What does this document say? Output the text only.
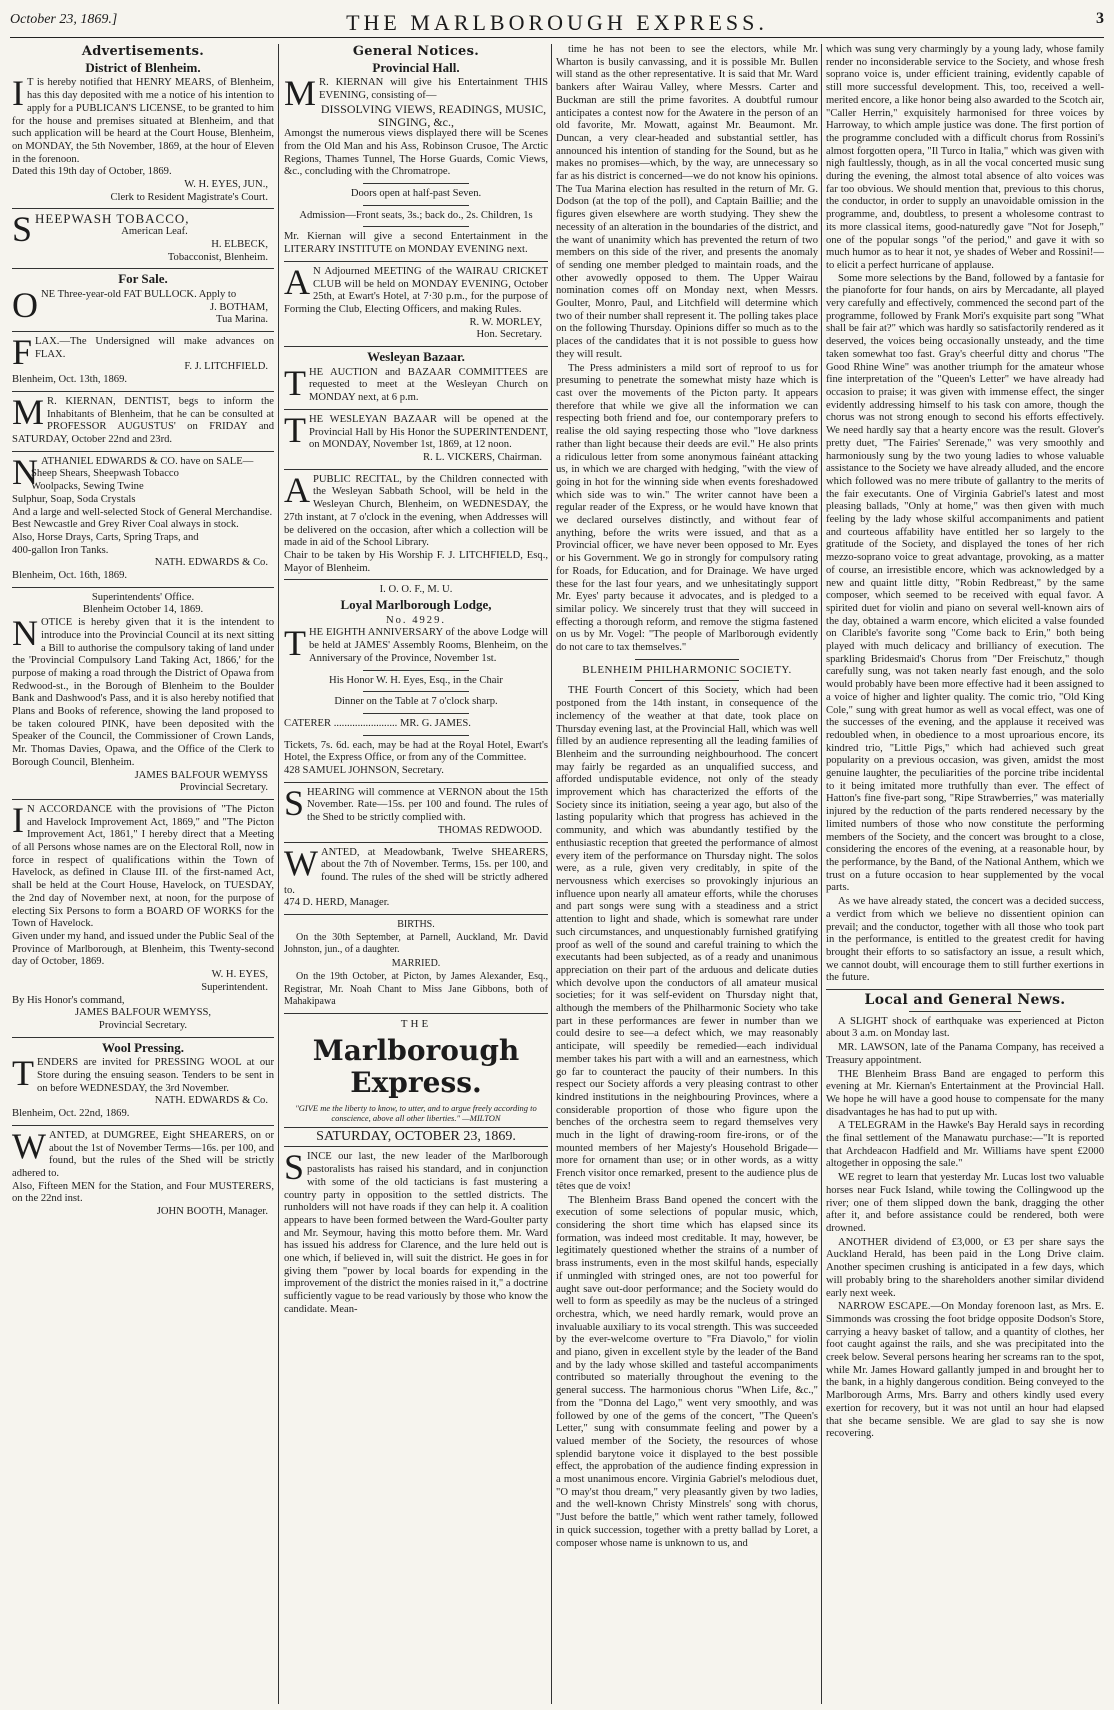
October 23, 1869.]	THE MARLBOROUGH EXPRESS.	3
Advertisements.
District of Blenheim.
I T is hereby notified that HENRY MEARS, of Blenheim, has this day deposited with me a notice of his intention to apply for a PUBLICAN'S LICENSE, to be granted to him for the house and premises situated at Blenheim, and that such application will be heard at the Court House, Blenheim, on MONDAY, the 5th November, 1869, at the hour of Eleven in the forenoon.

Dated this 19th day of October, 1869.

W. H. EYES, JUN.,

Clerk to Resident Magistrate's Court.

S HEEPWASH TOBACCO,

American Leaf.

H. ELBECK,

Tobacconist, Blenheim.

For Sale.
O NE Three-year-old FAT BULLOCK. Apply to

J. BOTHAM,

Tua Marina.

F LAX.—The Undersigned will make advances on FLAX.

F. J. LITCHFIELD.

Blenheim, Oct. 13th, 1869.

M R. KIERNAN, DENTIST, begs to inform the Inhabitants of Blenheim, that he can be consulted at PROFESSOR AUGUSTUS' on FRIDAY and SATURDAY, October 22nd and 23rd.

N ATHANIEL EDWARDS & CO. have on SALE—

Sheep Shears, Sheepwash Tobacco

Woolpacks, Sewing Twine

Sulphur, Soap, Soda Crystals

And a large and well-selected Stock of General Merchandise.

Best Newcastle and Grey River Coal always in stock.

Also, Horse Drays, Carts, Spring Traps, and

400-gallon Iron Tanks.

NATH. EDWARDS & Co.

Blenheim, Oct. 16th, 1869.

Superintendents' Office.

Blenheim October 14, 1869.

N OTICE is hereby given that it is the intendent to introduce into the Provincial Council at its next sitting a Bill to authorise the compulsory taking of land under the 'Provincial Compulsory Land Taking Act, 1866,' for the purpose of making a road through the District of Opawa from Redwood-st., in the Borough of Blenheim to the Boulder Bank and Dashwood's Pass, and it is also hereby notified that Plans and Books of reference, showing the land proposed to be taken coloured PINK, have been deposited with the Speaker of the Council, the Commissioner of Crown Lands, Mr. Thomas Davies, Opawa, and the Office of the Clerk to Borough Council, Blenheim.

JAMES BALFOUR WEMYSS

Provincial Secretary.

I N ACCORDANCE with the provisions of "The Picton and Havelock Improvement Act, 1869," and "The Picton Improvement Act, 1861," I hereby direct that a Meeting of all Persons whose names are on the Electoral Roll, now in force in respect of qualifications within the Town of Havelock, as defined in Clause III. of the first-named Act, shall be held at the Court House, Havelock, on TUESDAY, the 2nd day of November next, at noon, for the purpose of electing Six Persons to form a BOARD OF WORKS for the Town of Havelock.

Given under my hand, and issued under the Public Seal of the Province of Marlborough, at Blenheim, this Twenty-second day of October, 1869.

W. H. EYES,

Superintendent.

By His Honor's command,

JAMES BALFOUR WEMYSS,

Provincial Secretary.

Wool Pressing.
T ENDERS are invited for PRESSING WOOL at our Store during the ensuing season. Tenders to be sent in on before WEDNESDAY, the 3rd November.

NATH. EDWARDS & Co.

Blenheim, Oct. 22nd, 1869.

W ANTED, at DUMGREE, Eight SHEARERS, on or about the 1st of November Terms—16s. per 100, and found, but the rules of the Shed will be strictly adhered to.

Also, Fifteen MEN for the Station, and Four MUSTERERS, on the 22nd inst.

JOHN BOOTH, Manager.

General Notices.
Provincial Hall.
M R. KIERNAN will give his Entertainment THIS EVENING, consisting of—

DISSOLVING VIEWS, READINGS, MUSIC, SINGING, &c.,

Amongst the numerous views displayed there will be Scenes from the Old Man and his Ass, Robinson Crusoe, The Arctic Regions, Thames Tunnel, The Horse Guards, Comic Views, &c., concluding with the Chromatrope.

Doors open at half-past Seven.

Admission—Front seats, 3s.; back do., 2s. Children, 1s

Mr. Kiernan will give a second Entertainment in the LITERARY INSTITUTE on MONDAY EVENING next.

A N Adjourned MEETING of the WAIRAU CRICKET CLUB will be held on MONDAY EVENING, October 25th, at Ewart's Hotel, at 7·30 p.m., for the purpose of Forming the Club, Electing Officers, and making Rules.

R. W. MORLEY,

Hon. Secretary.

Wesleyan Bazaar.
T HE AUCTION and BAZAAR COMMITTEES are requested to meet at the Wesleyan Church on MONDAY next, at 6 p.m.

T HE WESLEYAN BAZAAR will be opened at the Provincial Hall by His Honor the SUPERINTENDENT, on MONDAY, November 1st, 1869, at 12 noon.

R. L. VICKERS, Chairman.

A PUBLIC RECITAL, by the Children connected with the Wesleyan Sabbath School, will be held in the Wesleyan Church, Blenheim, on WEDNESDAY, the 27th instant, at 7 o'clock in the evening, when Addresses will be delivered on the occasion, after which a collection will be made in aid of the School Library.

Chair to be taken by His Worship F. J. LITCHFIELD, Esq., Mayor of Blenheim.

I. O. O. F., M. U.

Loyal Marlborough Lodge,

No. 4929.

T HE EIGHTH ANNIVERSARY of the above Lodge will be held at JAMES' Assembly Rooms, Blenheim, on the Anniversary of the Province, November 1st.

His Honor W. H. Eyes, Esq., in the Chair

Dinner on the Table at 7 o'clock sharp.

CATERER ........................ MR. G. JAMES.

Tickets, 7s. 6d. each, may be had at the Royal Hotel, Ewart's Hotel, the Express Office, or from any of the Committee.

428 SAMUEL JOHNSON, Secretary.

S HEARING will commence at VERNON about the 15th November. Rate—15s. per 100 and found. The rules of the Shed to be strictly complied with.

THOMAS REDWOOD.

W ANTED, at Meadowbank, Twelve SHEARERS, about the 7th of November. Terms, 15s. per 100, and found. The rules of the shed will be strictly adhered to.

474 D. HERD, Manager.

BIRTHS.

On the 30th September, at Parnell, Auckland, Mr. David Johnston, jun., of a daughter.

MARRIED.

On the 19th October, at Picton, by James Alexander, Esq., Registrar, Mr. Noah Chant to Miss Jane Gibbons, both of Mahakipawa

THE

Marlborough Express.

"GIVE me the liberty to know, to utter, and to argue freely according to conscience, above all other liberties." —MILTON

SATURDAY, OCTOBER 23, 1869.
S INCE our last, the new leader of the Marlborough pastoralists has raised his standard, and in conjunction with some of the old tacticians is fast mustering a country party in opposition to the settled districts. The runholders will not have roads if they can help it. A coalition appears to have been formed between the Ward-Goulter party and Mr. Seymour, having this motto before them. Mr. Ward has issued his address for Clarence, and the lure held out is one which, if believed in, will suit the district. He goes in for giving them "power by local boards for expending in the improvement of the district the monies raised in it," a doctrine sufficiently vague to be read variously by those who know the candidate. Mean-

time he has not been to see the electors, while Mr. Wharton is busily canvassing, and it is possible Mr. Bullen will stand as the other representative. It is said that Mr. Ward bankers after Wairau Valley, where Messrs. Carter and Buckman are still the prime favorites. A doubtful rumour anticipates a contest now for the Awatere in the person of an old favorite, Mr. Mowatt, against Mr. Beaumont. Mr. Duncan, a very clear-headed and substantial settler, has announced his intention of standing for the Sound, but as he makes no promises—which, by the way, are unnecessary so far as his district is concerned—we do not know his opinions. The Tua Marina election has resulted in the return of Mr. G. Dodson (at the top of the poll), and Captain Baillie; and the figures given elsewhere are worth studying. They shew the necessity of an alteration in the boundaries of the district, and the want of unanimity which has prevented the return of two members on this side of the river, and presents the anomaly of sending one member pledged to maintain roads, and the other avowedly opposed to them. The Upper Wairau nomination comes off on Monday next, when Messrs. Goulter, Monro, Paul, and Litchfield will determine which two of their number shall represent it. The polling takes place on the following Thursday. Opinions differ so much as to the places of the candidates that it is not possible to guess how they will result.

The Press administers a mild sort of reproof to us for presuming to penetrate the somewhat misty haze which is cast over the movements of the Picton party. It appears therefore that while we give all the information we can respecting both friend and foe, our contemporary prefers to realise the old saying respecting those who "love darkness rather than light because their deeds are evil." He also prints a ridiculous letter from some anonymous fainéant attacking us, in which we are charged with hedging, "with the view of going in hot for the winning side when events foreshadowed which side was to win." The writer cannot have been a regular reader of the Express, or he would have known that we declared ourselves distinctly, and without fear of anything, before the writs were issued, and that as a Provincial officer, we have never been opposed to Mr. Eyes or his Government. We go in strongly for compulsory rating for Roads, for Education, and for Drainage. We have urged these for the last four years, and we unhesitatingly support Mr. Eyes' party because it advocates, and is pledged to a similar policy. We sincerely trust that they will succeed in effecting a thorough reform, and remove the stigma fastened on us by Mr. Vogel: "The people of Marlborough evidently do not care to tax themselves."

BLENHEIM PHILHARMONIC SOCIETY.

THE Fourth Concert of this Society, which had been postponed from the 14th instant, in consequence of the inclemency of the weather at that date, took place on Thursday evening last, at the Provincial Hall, which was well filled by an audience representing all the leading families of Blenheim and the surrounding neighbourhood. The concert may fairly be regarded as an unqualified success, and afforded undisputable evidence, not only of the steady improvement which has characterized the efforts of the Society since its initiation, seeing a year ago, but also of the lasting popularity which that progress has achieved in the community, and which was abundantly testified by the enthusiastic reception that greeted the performance of almost every item of the performance on Thursday night. The solos were, as a rule, given very creditably, in spite of the nervousness which exercises so provokingly injurious an influence upon nearly all amateur efforts, while the choruses and part songs were sung with a steadiness and a strict attention to light and shade, which is somewhat rare under such circumstances, and unquestionably furnished gratifying proof as well of the sound and careful training to which the executants had been subjected, as of a ready and unanimous appreciation on their part of the arduous and delicate duties which devolve upon the conductors of all amateur musical societies; for it was self-evident on Thursday night that, although the members of the Philharmonic Society who take part in these performances are fewer in number than we could desire to see—a defect which, we may reasonably anticipate, will speedily be remedied—each individual member takes his part with a will and an earnestness, which go far to counteract the paucity of their numbers. In this respect our Society affords a very pleasing contrast to other kindred institutions in the neighbouring Provinces, where a considerable proportion of those who figure upon the benches of the orchestra seem to regard themselves very much in the light of drawing-room fire-irons, or of the mounted members of her Majesty's Household Brigade—more for ornament than use; or in other words, as a witty French visitor once remarked, present to the audience plus de têtes que de voix!

The Blenheim Brass Band opened the concert with the execution of some selections of popular music, which, considering the short time which has elapsed since its formation, was indeed most creditable. It may, however, be legitimately questioned whether the strains of a number of brass instruments, even in the most skilful hands, especially if unmingled with stringed ones, are not too powerful for aught save out-door performance; and the Society would do well to form as speedily as may be the nucleus of a stringed orchestra, which, we need hardly remark, would prove an invaluable auxiliary to its vocal strength. This was succeeded by the ever-welcome overture to "Fra Diavolo," for violin and piano, given in excellent style by the leader of the Band and by the lady whose skilled and tasteful accompaniments contributed so materially throughout the evening to the general success. The harmonious chorus "When Life, &c.," from the "Donna del Lago," went very smoothly, and was followed by one of the gems of the concert, "The Queen's Letter," sung with consummate feeling and power by a valued member of the Society, the resources of whose splendid barytone voice it displayed to the best possible effect, the approbation of the audience finding expression in a most unanimous encore. Virginia Gabriel's melodious duet, "O may'st thou dream," very pleasantly given by two ladies, and the well-known Christy Minstrels' song with chorus, "Just before the battle," which went rather tamely, followed in quick succession, together with a pretty ballad by Loret, a composer whose name is unknown to us, and

which was sung very charmingly by a young lady, whose family render no inconsiderable service to the Society, and whose fresh soprano voice is, under efficient training, evidently capable of still more successful development. This, too, received a well-merited encore, a like honor being also awarded to the Scotch air, "Caller Herrin," exquisitely harmonised for three voices by Harroway, to which ample justice was done. The first portion of the programme concluded with a difficult chorus from Rossini's almost forgotten opera, "Il Turco in Italia," which was given with nigh faultlessly, though, as in all the vocal concerted music sung during the evening, the almost total absence of alto voices was far too obvious. We should mention that, previous to this chorus, the conductor, in order to supply an unavoidable omission in the programme, and, doubtless, to present a wholesome contrast to its more classical items, good-naturedly gave "Not for Joseph," one of the popular songs "of the period," and gave it with so much humor as to hear it not, ye shades of Weber and Rossini!—to elicit a perfect hurricane of applause.

Some more selections by the Band, followed by a fantasie for the pianoforte for four hands, on airs by Mercadante, all played very carefully and effectively, commenced the second part of the programme, followed by Frank Mori's exquisite part song "What shall be fair at?" which was hardly so satisfactorily rendered as it deserved, the voices being occasionally unsteady, and the time taken somewhat too fast. Gray's cheerful ditty and chorus "The Good Rhine Wine" was another triumph for the amateur whose fine interpretation of the "Queen's Letter" we have already had occasion to praise; it was given with immense effect, the singer evidently addressing himself to his task con amore, though the chorus was not strong enough to second his efforts effectively. We need hardly say that a hearty encore was the result. Glover's pretty duet, "The Fairies' Serenade," was very smoothly and harmoniously sung by the two young ladies to whose valuable assistance to the Society we have already alluded, and the encore which followed was no mere tribute of gallantry to the merits of the fair executants. One of Virginia Gabriel's latest and most pleasing ballads, "Only at home," was then given with much feeling by the lady whose skilful accompaniments and patient and courteous affability have entitled her so largely to the gratitude of the Society, and displayed the tones of her rich mezzo-soprano voice to great advantage, provoking, as a matter of course, an irresistible encore, which was acknowledged by a new and quaint little ditty, "Robin Redbreast," by the same composer, which seemed to be received with equal favor. A spirited duet for violin and piano on several well-known airs of the day, obtained a warm encore, which elicited a valse founded on Clarible's favorite song "Come back to Erin," both being played with much delicacy and brilliancy of execution. The sparkling Bridesmaid's Chorus from "Der Freischutz," though carefully sung, was not taken nearly fast enough, and the solo would probably have been more effective had it been assigned to a voice of higher and lighter quality. The comic trio, "Old King Cole," sung with great humor as well as vocal effect, was one of the successes of the evening, and the applause it received was redoubled when, in obedience to a most uproarious encore, its kindred trio, "Little Pigs," which had achieved such great popularity on a previous occasion, was given, amidst the most genuine laughter, the peculiarities of the porcine tribe incidental to it being imitated more truthfully than ever. The effect of Hatton's fine five-part song, "Ripe Strawberries," was materially injured by the reduction of the parts rendered necessary by the limited numbers of those who now constitute the performing members of the Society, and the concert was brought to a close, considering the encores of the evening, at a reasonable hour, by the performance, by the Band, of the National Anthem, which we trust on a future occasion to hear supplemented by the vocal parts.

As we have already stated, the concert was a decided success, a verdict from which we believe no dissentient opinion can prevail; and the conductor, together with all those who took part in the performance, is entitled to the greatest credit for having brought their efforts to so satisfactory an issue, a result which, we cannot doubt, will encourage them to still further exertions in the future.

Local and General News.

A SLIGHT shock of earthquake was experienced at Picton about 3 a.m. on Monday last.

MR. LAWSON, late of the Panama Company, has received a Treasury appointment.

THE Blenheim Brass Band are engaged to perform this evening at Mr. Kiernan's Entertainment at the Provincial Hall. We hope he will have a good house to compensate for the many disadvantages he has had to put up with.

A TELEGRAM in the Hawke's Bay Herald says in recording the final settlement of the Manawatu purchase:—"It is reported that Archdeacon Hadfield and Mr. Williams have spent £2000 altogether in opposing the sale."

WE regret to learn that yesterday Mr. Lucas lost two valuable horses near Fuck Island, while towing the Collingwood up the river; one of them slipped down the bank, dragging the other after it, and before assistance could be rendered, both were drowned.

ANOTHER dividend of £3,000, or £3 per share says the Auckland Herald, has been paid in the Long Drive claim. Another specimen crushing is anticipated in a few days, which will probably bring to the shareholders another similar dividend early next week.

NARROW ESCAPE.—On Monday forenoon last, as Mrs. E. Simmonds was crossing the foot bridge opposite Dodson's Store, carrying a heavy basket of tallow, and a quantity of clothes, her foot caught against the rails, and she was precipitated into the creek below. Several persons hearing her screams ran to the spot, while Mr. James Howard gallantly jumped in and brought her to the bank, in a highly dangerous condition. Being conveyed to the Marlborough Arms, Mrs. Barry and others kindly used every exertion for recovery, but it was not until an hour had elapsed that she became sensible. We are glad to say she is now recovering.
